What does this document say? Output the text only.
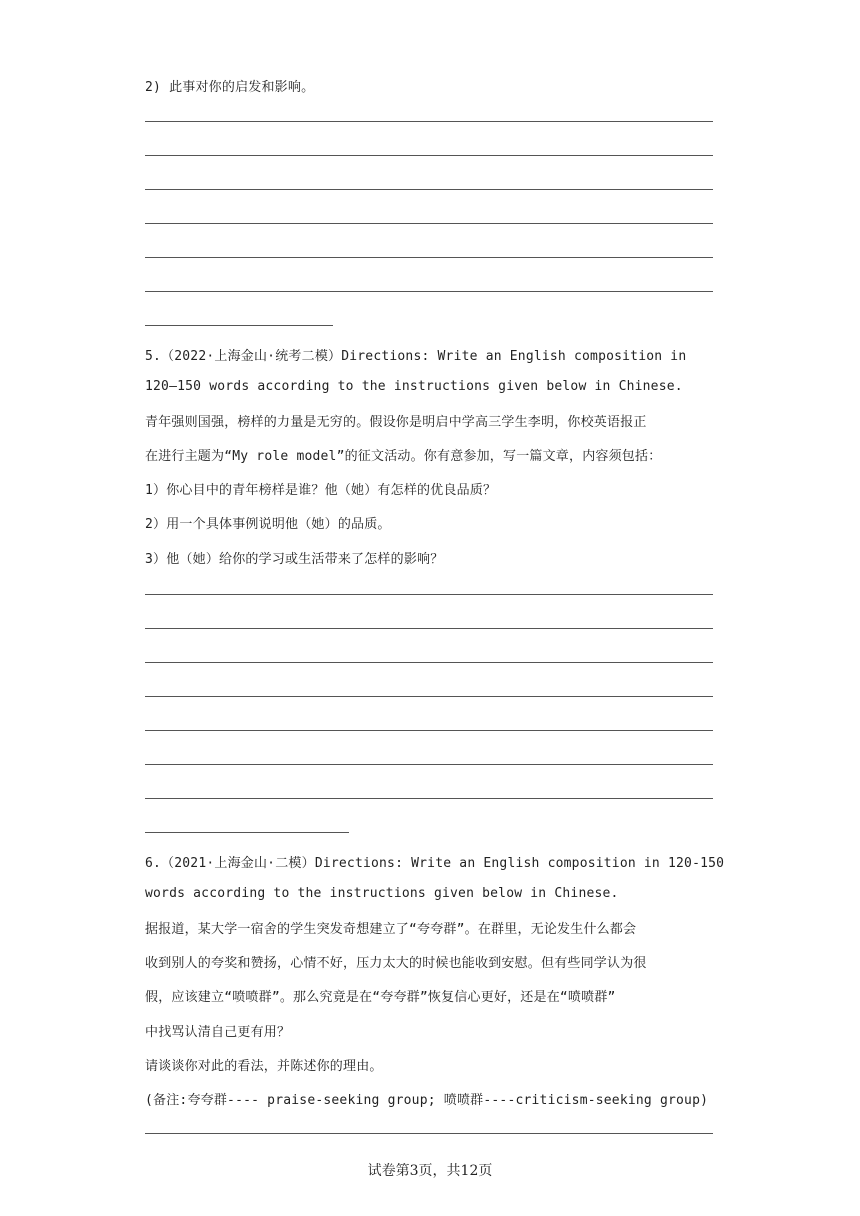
2) 此事对你的启发和影响。
5.（2022·上海金山·统考二模）Directions: Write an English composition in
120—150 words according to the instructions given below in Chinese.
青年强则国强，榜样的力量是无穷的。假设你是明启中学高三学生李明，你校英语报正
在进行主题为“My role model”的征文活动。你有意参加，写一篇文章，内容须包括：
1）你心目中的青年榜样是谁？他（她）有怎样的优良品质？
2）用一个具体事例说明他（她）的品质。
3）他（她）给你的学习或生活带来了怎样的影响？
6.（2021·上海金山·二模）Directions: Write an English composition in 120-150
words according to the instructions given below in Chinese.
据报道，某大学一宿舍的学生突发奇想建立了“夸夸群”。在群里，无论发生什么都会
收到别人的夸奖和赞扬，心情不好，压力太大的时候也能收到安慰。但有些同学认为很
假，应该建立“喷喷群”。那么究竟是在“夸夸群”恢复信心更好，还是在“喷喷群”
中找骂认清自己更有用？
请谈谈你对此的看法，并陈述你的理由。
(备注:夸夸群---- praise-seeking group; 喷喷群----criticism-seeking group)
试卷第3页，共12页
